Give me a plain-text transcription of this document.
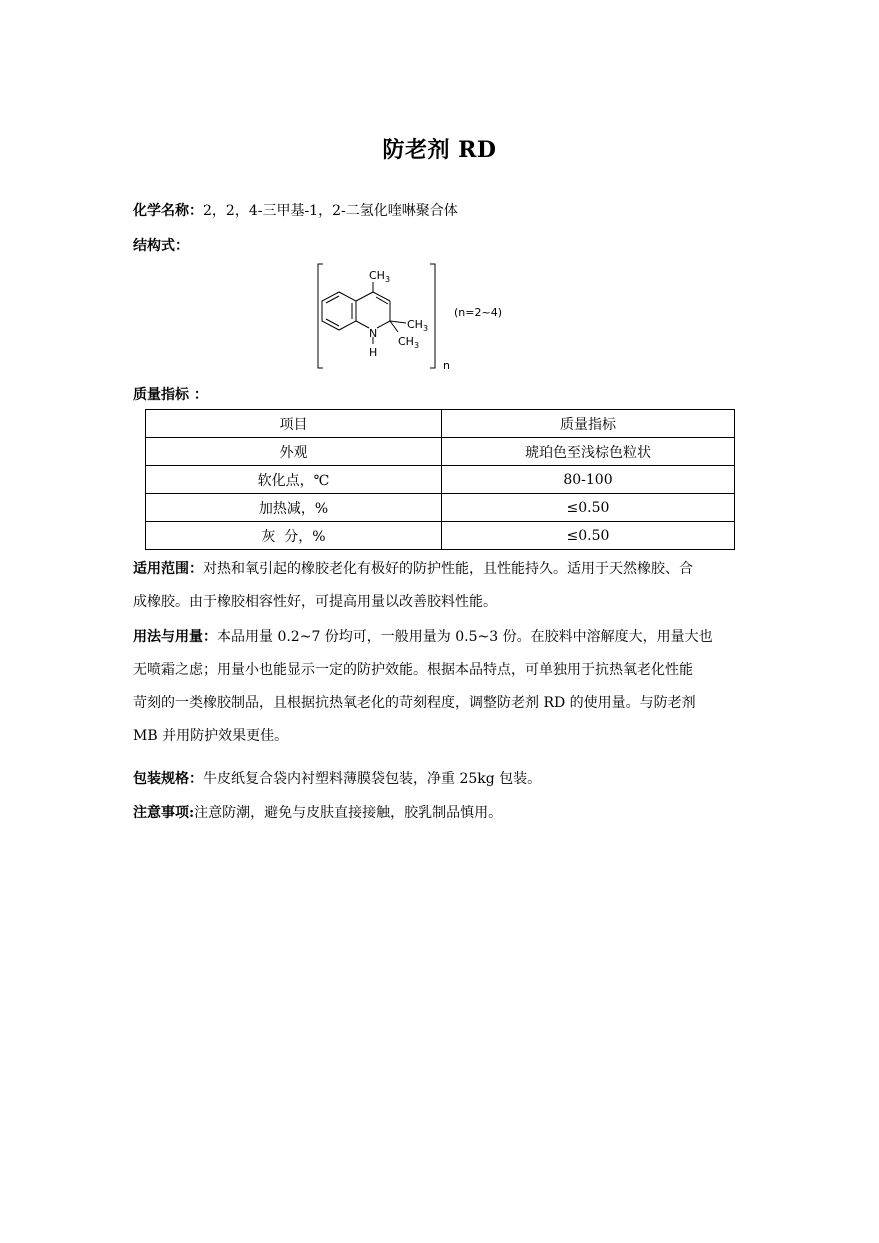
防老剂 RD
化学名称：2，2，4-三甲基-1，2-二氢化喹啉聚合体
结构式：
$CH_3$
$CH_3$
$CH_3$
N
H
(n=2~4)
n
质量指标 ：
项目	质量指标
外观	琥珀色至浅棕色粒状
软化点，℃	80-100
加热减，%	≤0.50
灰  分，%	≤0.50
适用范围：对热和氧引起的橡胶老化有极好的防护性能，且性能持久。适用于天然橡胶、合
成橡胶。由于橡胶相容性好，可提高用量以改善胶料性能。
用法与用量：本品用量 0.2~7 份均可，一般用量为 0.5~3 份。在胶料中溶解度大，用量大也
无喷霜之虑；用量小也能显示一定的防护效能。根据本品特点，可单独用于抗热氧老化性能
苛刻的一类橡胶制品，且根据抗热氧老化的苛刻程度，调整防老剂 RD 的使用量。与防老剂
MB 并用防护效果更佳。
包装规格：牛皮纸复合袋内衬塑料薄膜袋包装，净重 25kg 包装。
注意事项:注意防潮，避免与皮肤直接接触，胶乳制品慎用。
